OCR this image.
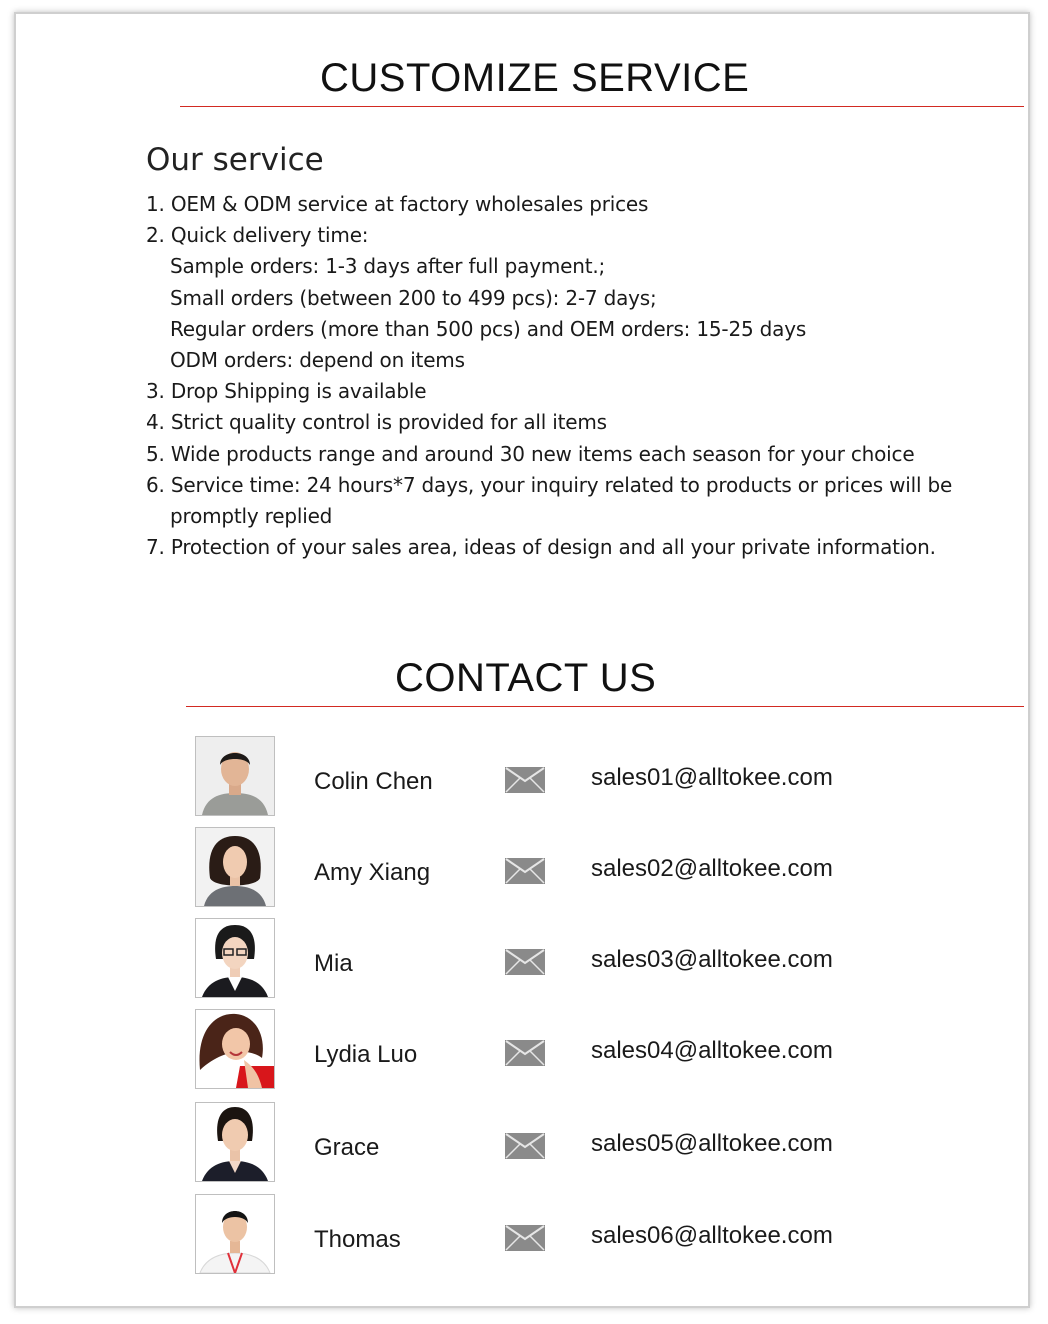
CUSTOMIZE SERVICE
Our service
1. OEM & ODM service at factory wholesales prices
2. Quick delivery time:
Sample orders: 1-3 days after full payment.;
Small orders (between 200 to 499 pcs): 2-7 days;
Regular orders (more than 500 pcs) and OEM orders: 15-25 days
ODM orders: depend on items
3. Drop Shipping is available
4. Strict quality control is provided for all items
5. Wide products range and around 30 new items each season for your choice
6. Service time: 24 hours*7 days, your inquiry related to products or prices will be
promptly replied
7. Protection of your sales area, ideas of design and all your private information.
CONTACT US
Colin Chen	sales01@alltokee.com
Amy Xiang	sales02@alltokee.com
Mia	sales03@alltokee.com
Lydia Luo	sales04@alltokee.com
Grace	sales05@alltokee.com
Thomas	sales06@alltokee.com
